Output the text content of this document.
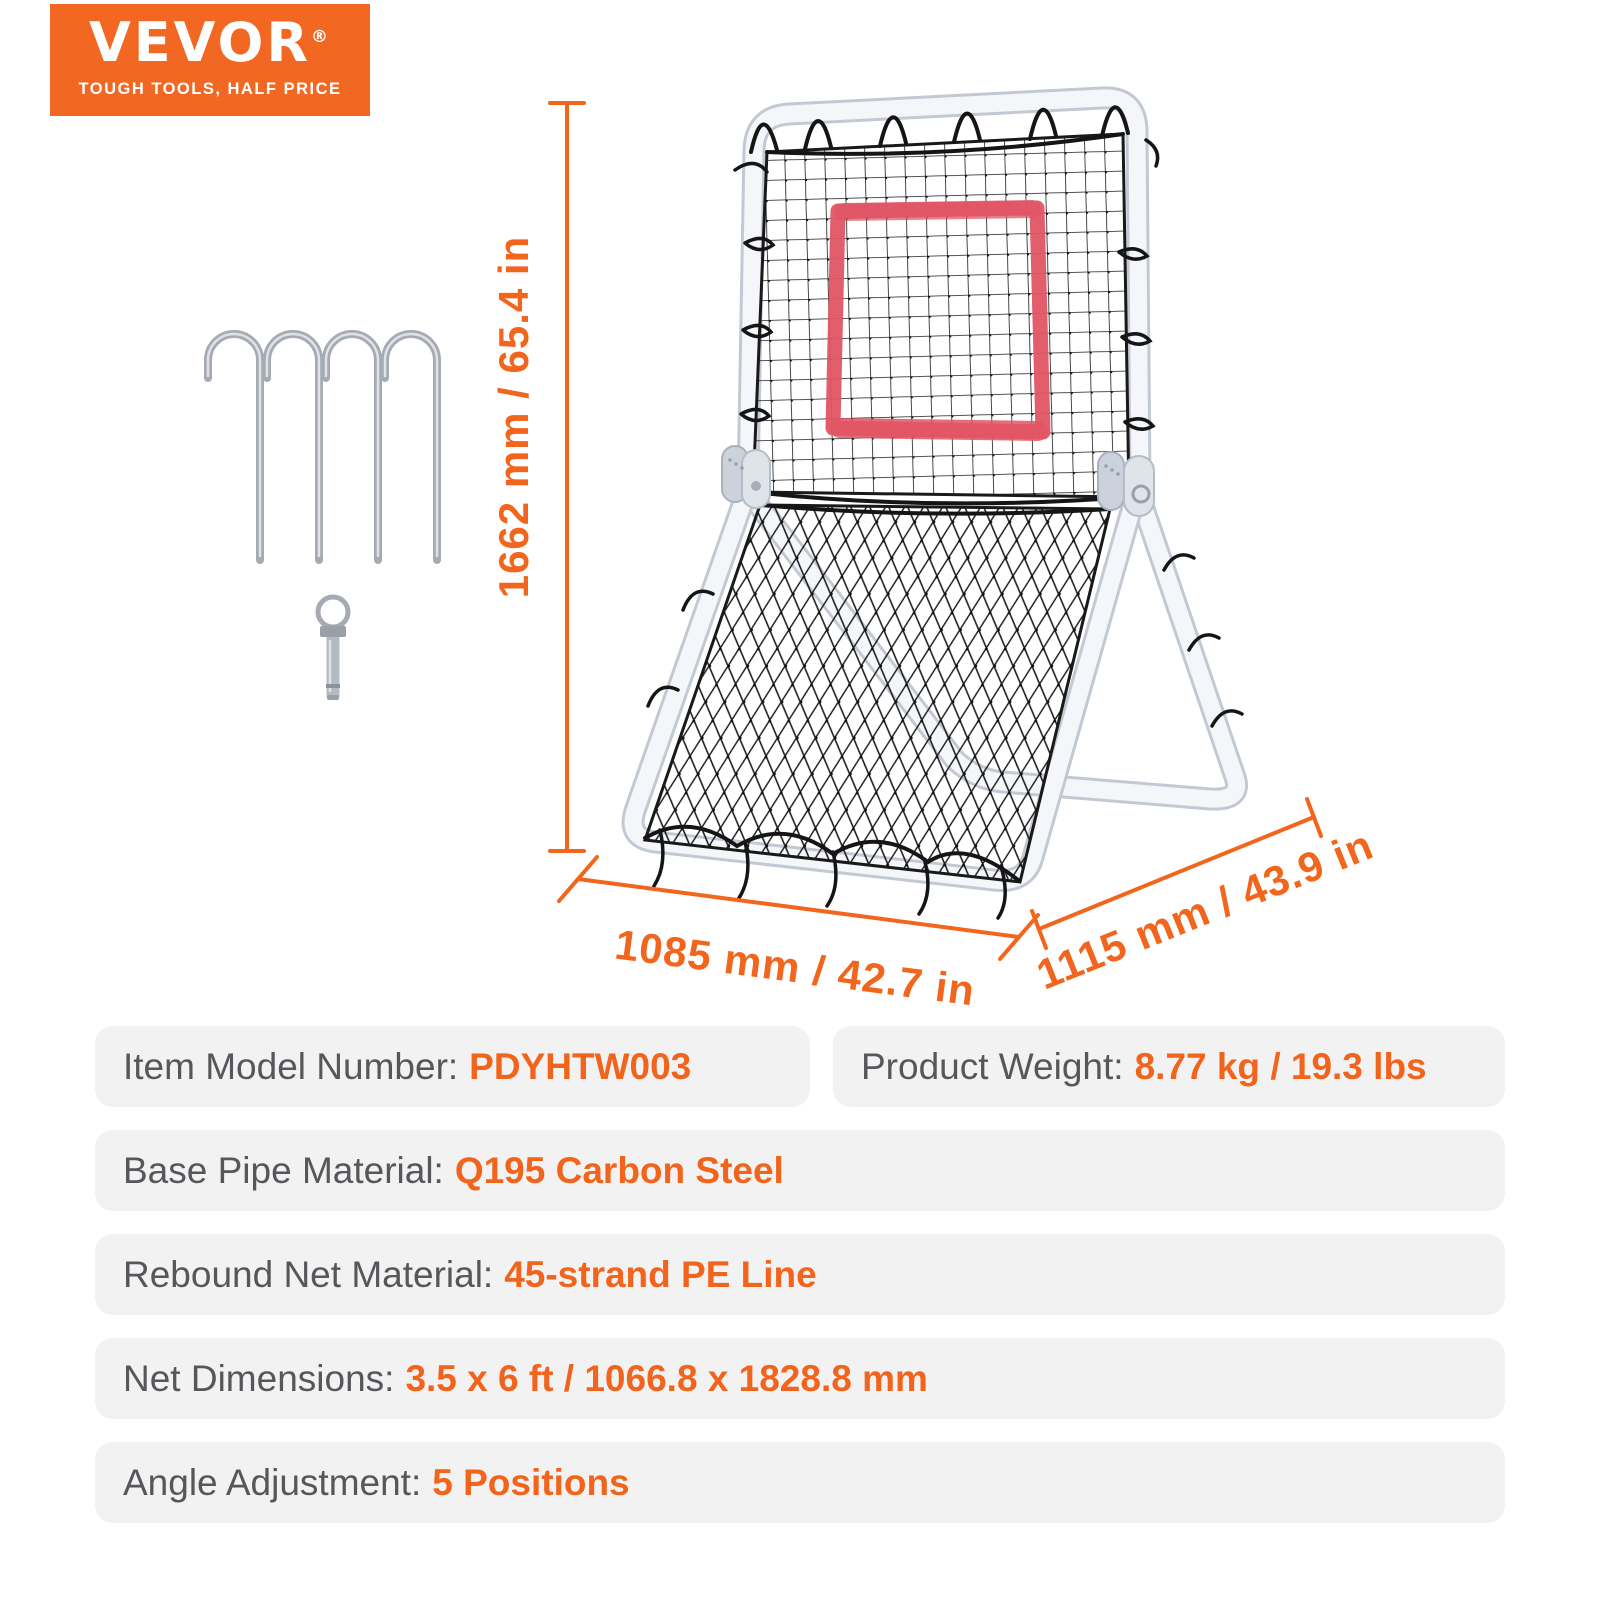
VEVOR®
TOUGH TOOLS, HALF PRICE
1662 mm / 65.4 in
1085 mm / 42.7 in 1115 mm / 43.9 in
Item Model Number: PDYHTW003	Product Weight: 8.77 kg / 19.3 lbs
Base Pipe Material: Q195 Carbon Steel
Rebound Net Material: 45-strand PE Line
Net Dimensions: 3.5 x 6 ft / 1066.8 x 1828.8 mm
Angle Adjustment: 5 Positions
